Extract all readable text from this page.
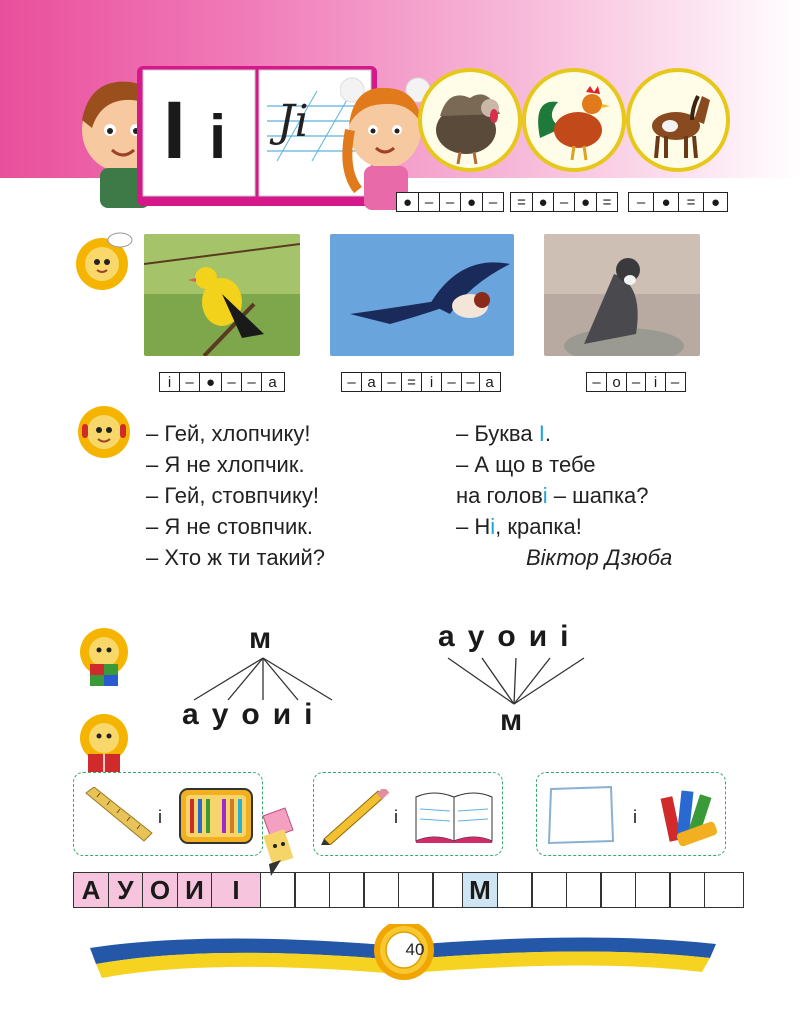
І і Ji
● – – ● –	= ● – ● =	–	●	=	●
і – ● – – а	– а – = і – – а	– о – і –
– Гей, хлопчику!
– Я не хлопчик.
– Гей, стовпчику!
– Я не стовпчик.
– Хто ж ти такий?
– Буква І.
– А що в тебе
на голові – шапка?
– Ні, крапка!
Віктор Дзюба
м
а у о и і
а у о и і
м
і	і	і
А У О И	І	М
40
